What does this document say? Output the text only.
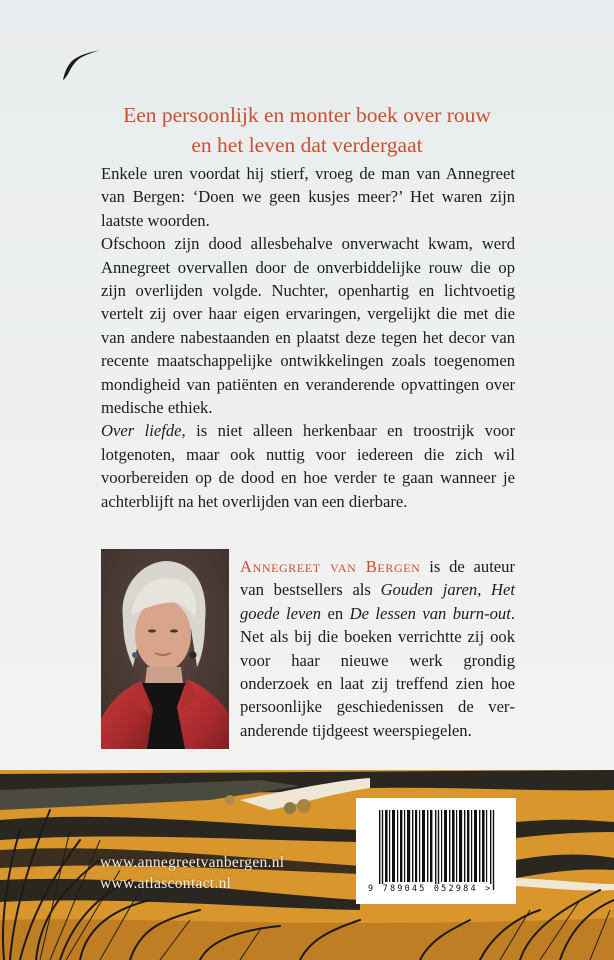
Een persoonlijk en monter boek over rouw
en het leven dat verdergaat

Enkele uren voordat hij stierf, vroeg de man van Annegreet van Bergen: ‘Doen we geen kusjes meer?’ Het waren zijn laatste woorden.

Ofschoon zijn dood allesbehalve onverwacht kwam, werd Annegreet overvallen door de onverbiddelijke rouw die op zijn overlijden volgde. Nuchter, openhartig en lichtvoetig vertelt zij over haar eigen ervaringen, vergelijkt die met die van andere nabestaanden en plaatst deze tegen het decor van recente maatschappelijke ontwikkelingen zoals toegenomen mondigheid van patiënten en veranderende opvattingen over medische ethiek.

Over liefde, is niet alleen herkenbaar en troostrijk voor lotgenoten, maar ook nuttig voor iedereen die zich wil voorbereiden op de dood en hoe verder te gaan wanneer je achterblijft na het overlijden van een dierbare.

Annegreet van Bergen is de auteur van bestsellers als Gouden jaren, Het goede leven en De lessen van burn-out. Net als bij die boeken verrichtte zij ook voor haar nieuwe werk grondig onderzoek en laat zij treffend zien hoe persoonlijke geschiedenissen de veranderende tijdgeest weerspiegelen.
www.annegreetvanbergen.nl
www.atlascontact.nl	9 789045 052984 >
